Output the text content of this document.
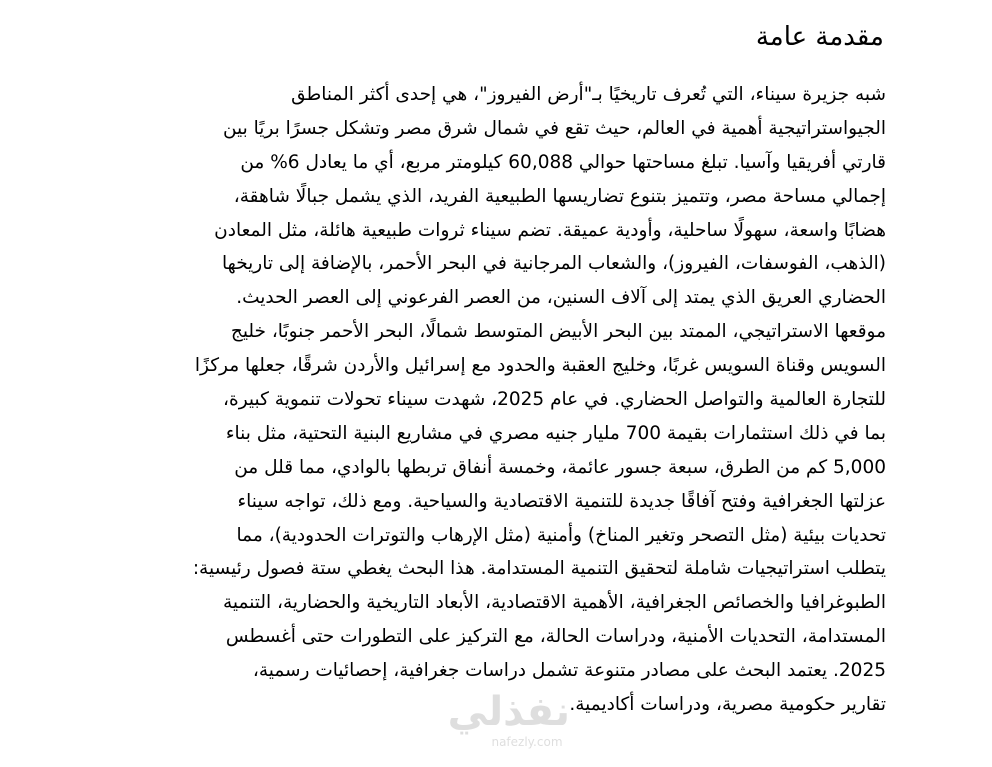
مقدمة عامة
شبه جزيرة سيناء، التي تُعرف تاريخيًا بـ"أرض الفيروز"، هي إحدى أكثر المناطق
الجيواستراتيجية أهمية في العالم، حيث تقع في شمال شرق مصر وتشكل جسرًا بريًا بين
قارتي أفريقيا وآسيا. تبلغ مساحتها حوالي 60,088 كيلومتر مربع، أي ما يعادل 6% من
إجمالي مساحة مصر، وتتميز بتنوع تضاريسها الطبيعية الفريد، الذي يشمل جبالًا شاهقة،
هضابًا واسعة، سهولًا ساحلية، وأودية عميقة. تضم سيناء ثروات طبيعية هائلة، مثل المعادن
(الذهب، الفوسفات، الفيروز)، والشعاب المرجانية في البحر الأحمر، بالإضافة إلى تاريخها
الحضاري العريق الذي يمتد إلى آلاف السنين، من العصر الفرعوني إلى العصر الحديث.
موقعها الاستراتيجي، الممتد بين البحر الأبيض المتوسط شمالًا، البحر الأحمر جنوبًا، خليج
السويس وقناة السويس غربًا، وخليج العقبة والحدود مع إسرائيل والأردن شرقًا، جعلها مركزًا
للتجارة العالمية والتواصل الحضاري. في عام 2025، شهدت سيناء تحولات تنموية كبيرة،
بما في ذلك استثمارات بقيمة 700 مليار جنيه مصري في مشاريع البنية التحتية، مثل بناء
5,000 كم من الطرق، سبعة جسور عائمة، وخمسة أنفاق تربطها بالوادي، مما قلل من
عزلتها الجغرافية وفتح آفاقًا جديدة للتنمية الاقتصادية والسياحية. ومع ذلك، تواجه سيناء
تحديات بيئية (مثل التصحر وتغير المناخ) وأمنية (مثل الإرهاب والتوترات الحدودية)، مما
يتطلب استراتيجيات شاملة لتحقيق التنمية المستدامة. هذا البحث يغطي ستة فصول رئيسية:
الطبوغرافيا والخصائص الجغرافية، الأهمية الاقتصادية، الأبعاد التاريخية والحضارية، التنمية
المستدامة، التحديات الأمنية، ودراسات الحالة، مع التركيز على التطورات حتى أغسطس
2025. يعتمد البحث على مصادر متنوعة تشمل دراسات جغرافية، إحصائيات رسمية،
تقارير حكومية مصرية، ودراسات أكاديمية.
نفذلي
nafezly.com
